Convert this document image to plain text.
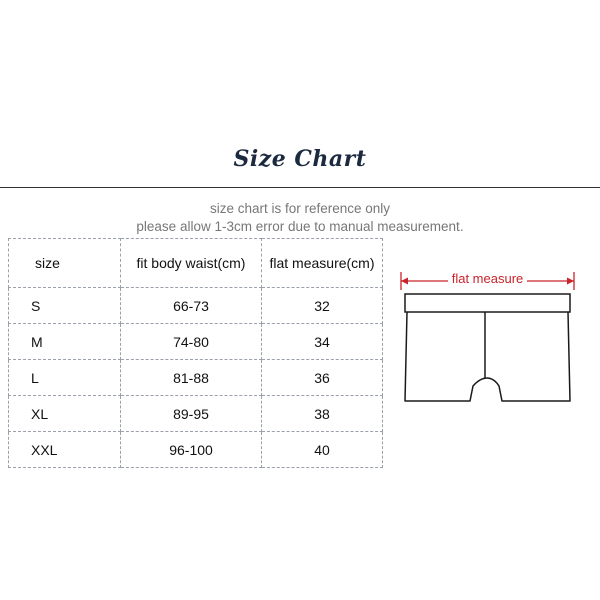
Size Chart
size chart is for reference only
please allow 1-3cm error due to manual measurement.
size	fit body waist(cm)	flat measure(cm)
S	66-73	32
M	74-80	34
L	81-88	36
XL	89-95	38
XXL	96-100	40
flat measure
